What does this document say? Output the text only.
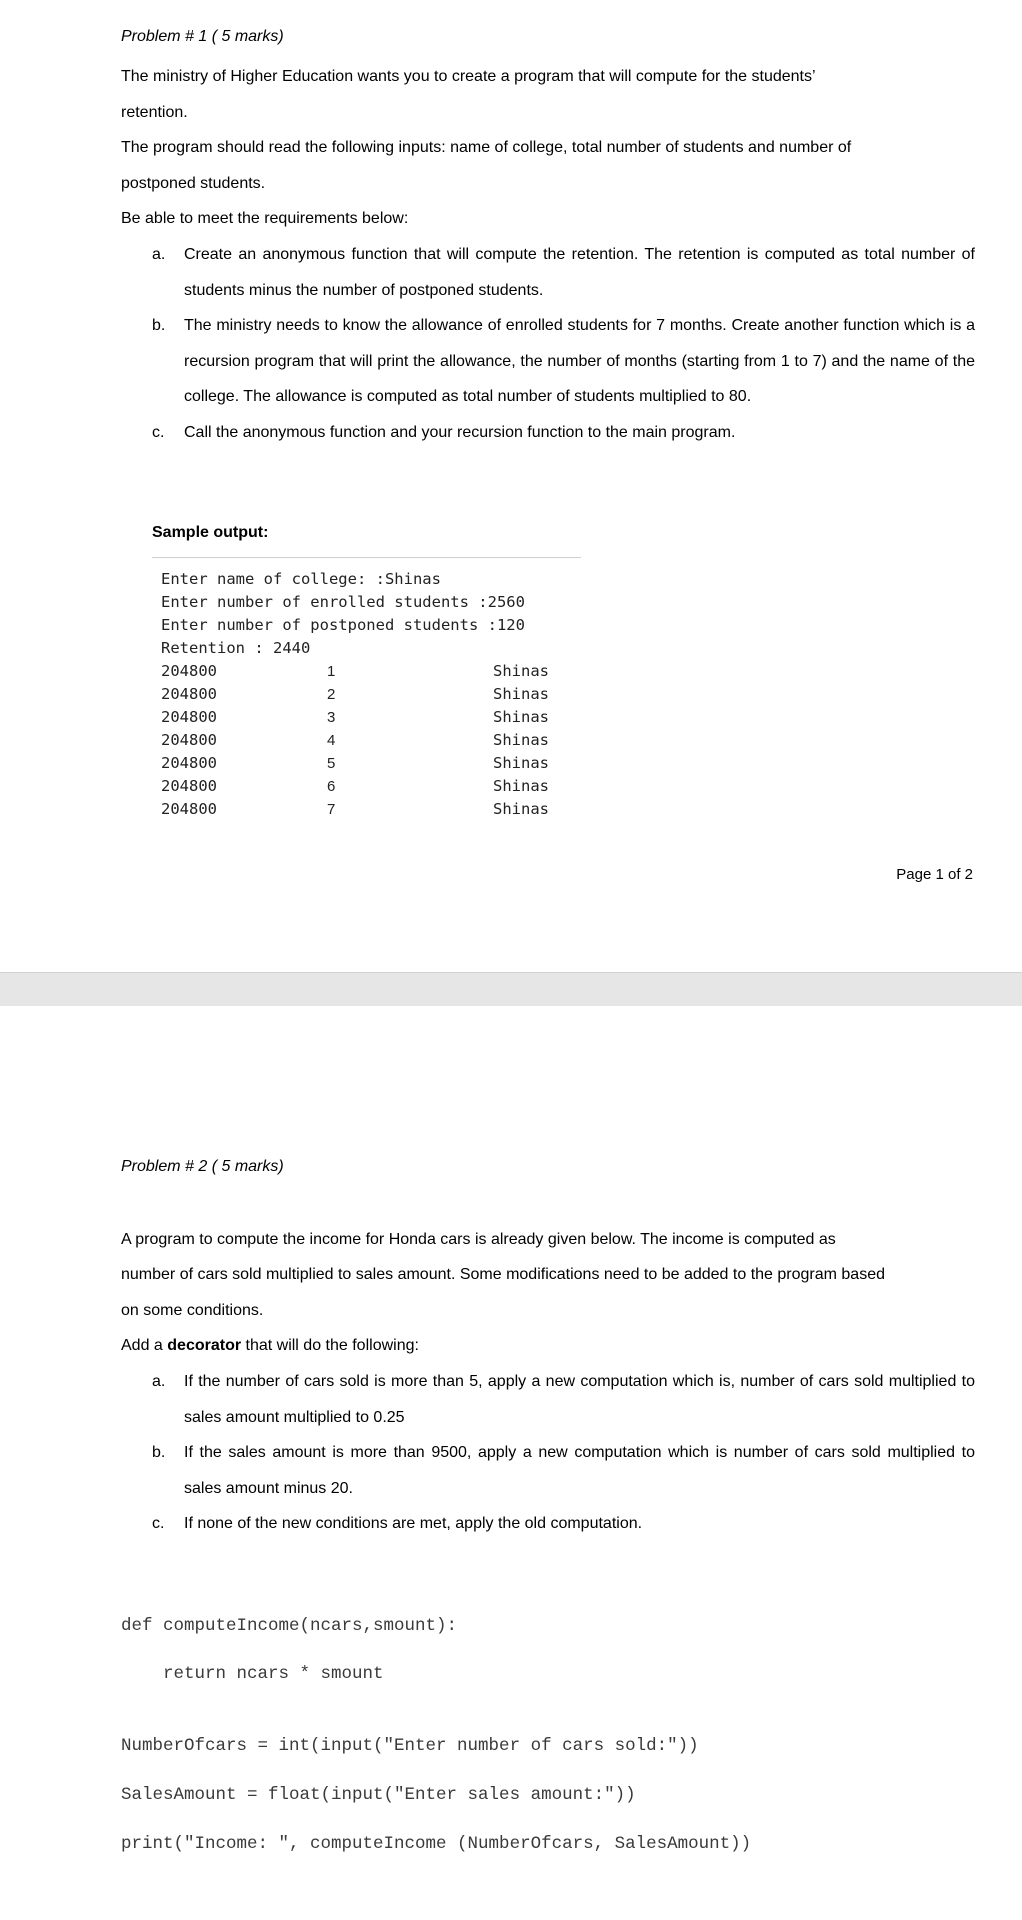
Problem # 1 ( 5 marks)

The ministry of Higher Education wants you to create a program that will compute for the students’

retention.

The program should read the following inputs: name of college, total number of students and number of

postponed students.

Be able to meet the requirements below:

a. Create an anonymous function that will compute the retention. The retention is computed as total number of students minus the number of postponed students.
b. The ministry needs to know the allowance of enrolled students for 7 months. Create another function which is a recursion program that will print the allowance, the number of months (starting from 1 to 7) and the name of the college. The allowance is computed as total number of students multiplied to 80.
c. Call the anonymous function and your recursion function to the main program.
Sample output:
Enter name of college: :Shinas
Enter number of enrolled students :2560
Enter number of postponed students :120
Retention : 2440
204800	1	Shinas
204800	2	Shinas
204800	3	Shinas
204800	4	Shinas
204800	5	Shinas
204800	6	Shinas
204800	7	Shinas
Page 1 of 2
Problem # 2 ( 5 marks)

A program to compute the income for Honda cars is already given below. The income is computed as

number of cars sold multiplied to sales amount. Some modifications need to be added to the program based

on some conditions.

Add a decorator that will do the following:

a. If the number of cars sold is more than 5, apply a new computation which is, number of cars sold multiplied to sales amount multiplied to 0.25
b. If the sales amount is more than 9500, apply a new computation which is number of cars sold multiplied to sales amount minus 20.
c. If none of the new conditions are met, apply the old computation.
def computeIncome(ncars,smount):
return ncars * smount
NumberOfcars = int(input("Enter number of cars sold:"))
SalesAmount = float(input("Enter sales amount:"))
print("Income: ", computeIncome (NumberOfcars, SalesAmount))
